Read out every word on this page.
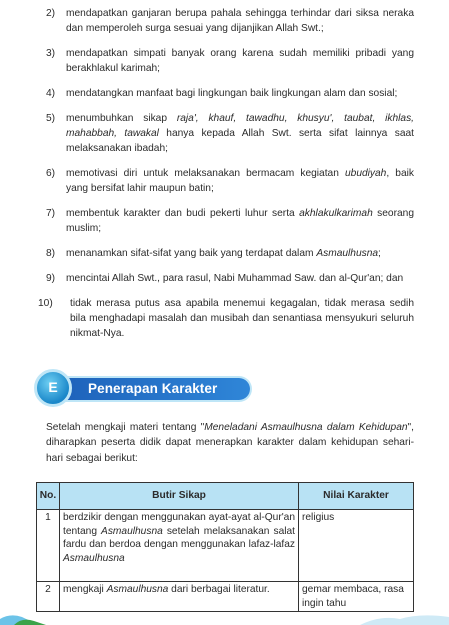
2) mendapatkan ganjaran berupa pahala sehingga terhindar dari siksa neraka dan memperoleh surga sesuai yang dijanjikan Allah Swt.;
3) mendapatkan simpati banyak orang karena sudah memiliki pribadi yang berakhlakul karimah;
4) mendatangkan manfaat bagi lingkungan baik lingkungan alam dan sosial;
5) menumbuhkan sikap raja', khauf, tawadhu, khusyu', taubat, ikhlas, mahabbah, tawakal hanya kepada Allah Swt. serta sifat lainnya saat melaksanakan ibadah;
6) memotivasi diri untuk melaksanakan bermacam kegiatan ubudiyah, baik yang bersifat lahir maupun batin;
7) membentuk karakter dan budi pekerti luhur serta akhlakulkarimah seorang muslim;
8) menanamkan sifat-sifat yang baik yang terdapat dalam Asmaulhusna;
9) mencintai Allah Swt., para rasul, Nabi Muhammad Saw. dan al-Qur'an; dan
10) tidak merasa putus asa apabila menemui kegagalan, tidak merasa sedih bila menghadapi masalah dan musibah dan senantiasa mensyukuri seluruh nikmat-Nya.
E	Penerapan Karakter
Setelah mengkaji materi tentang "Meneladani Asmaulhusna dalam Kehidupan", diharapkan peserta didik dapat menerapkan karakter dalam kehidupan sehari-hari sebagai berikut:
No.	Butir Sikap	Nilai Karakter
1	berdzikir dengan menggunakan ayat-ayat al-Qur'an tentang Asmaulhusna setelah melaksanakan salat fardu dan berdoa dengan menggunakan lafaz-lafaz Asmaulhusna	religius
2	mengkaji Asmaulhusna dari berbagai literatur.	gemar membaca, rasa ingin tahu
